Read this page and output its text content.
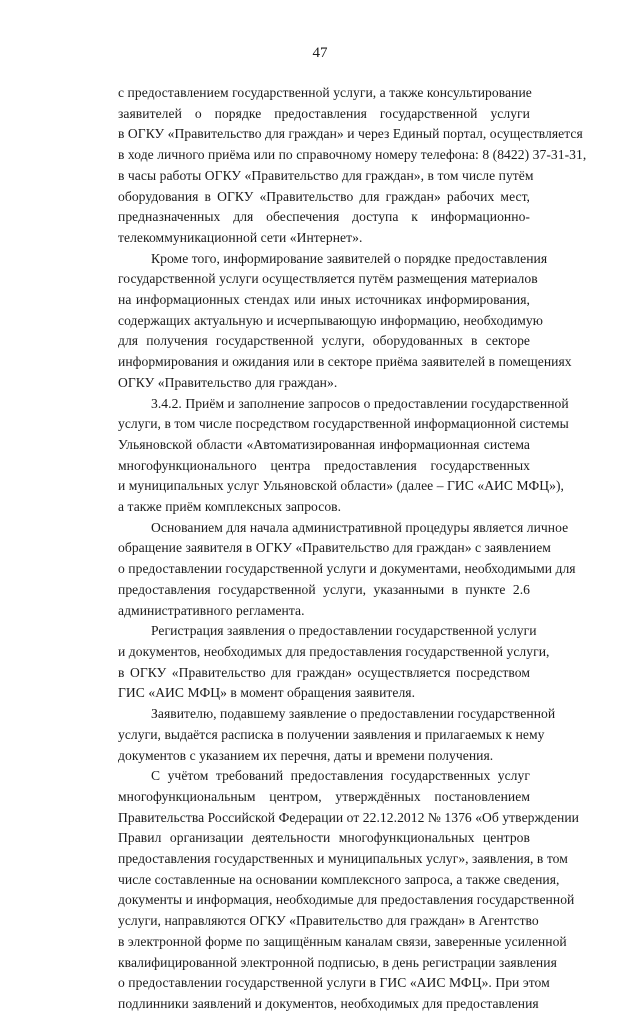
47

с предоставлением государственной услуги, а также консультирование
заявителей о порядке предоставления государственной услуги
в ОГКУ «Правительство для граждан» и через Единый портал, осуществляется
в ходе личного приёма или по справочному номеру телефона: 8 (8422) 37-31-31,
в часы работы ОГКУ «Правительство для граждан», в том числе путём
оборудования в ОГКУ «Правительство для граждан» рабочих мест,
предназначенных для обеспечения доступа к информационно-
телекоммуникационной сети «Интернет».

Кроме того, информирование заявителей о порядке предоставления
государственной услуги осуществляется путём размещения материалов
на информационных стендах или иных источниках информирования,
содержащих актуальную и исчерпывающую информацию, необходимую
для получения государственной услуги, оборудованных в секторе
информирования и ожидания или в секторе приёма заявителей в помещениях
ОГКУ «Правительство для граждан».

3.4.2. Приём и заполнение запросов о предоставлении государственной
услуги, в том числе посредством государственной информационной системы
Ульяновской области «Автоматизированная информационная система
многофункционального центра предоставления государственных
и муниципальных услуг Ульяновской области» (далее – ГИС «АИС МФЦ»),
а также приём комплексных запросов.

Основанием для начала административной процедуры является личное
обращение заявителя в ОГКУ «Правительство для граждан» с заявлением
о предоставлении государственной услуги и документами, необходимыми для
предоставления государственной услуги, указанными в пункте 2.6
административного регламента.

Регистрация заявления о предоставлении государственной услуги
и документов, необходимых для предоставления государственной услуги,
в ОГКУ «Правительство для граждан» осуществляется посредством
ГИС «АИС МФЦ» в момент обращения заявителя.

Заявителю, подавшему заявление о предоставлении государственной
услуги, выдаётся расписка в получении заявления и прилагаемых к нему
документов с указанием их перечня, даты и времени получения.

С учётом требований предоставления государственных услуг
многофункциональным центром, утверждённых постановлением
Правительства Российской Федерации от 22.12.2012 № 1376 «Об утверждении
Правил организации деятельности многофункциональных центров
предоставления государственных и муниципальных услуг», заявления, в том
числе составленные на основании комплексного запроса, а также сведения,
документы и информация, необходимые для предоставления государственной
услуги, направляются ОГКУ «Правительство для граждан» в Агентство
в электронной форме по защищённым каналам связи, заверенные усиленной
квалифицированной электронной подписью, в день регистрации заявления
о предоставлении государственной услуги в ГИС «АИС МФЦ». При этом
подлинники заявлений и документов, необходимых для предоставления
